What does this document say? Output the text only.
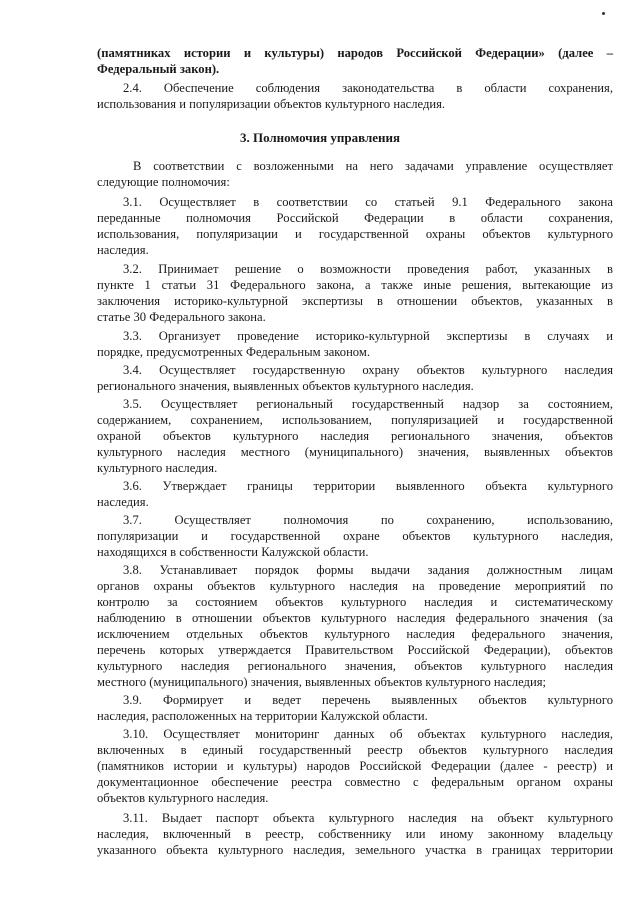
3. Полномочия управления
(памятниках истории и культуры) народов Российской Федерации» (далее –
Федеральный закон).
2.4. Обеспечение соблюдения законодательства в области сохранения,
использования и популяризации объектов культурного наследия.
В соответствии с возложенными на него задачами управление осуществляет
следующие полномочия:
3.1. Осуществляет в соответствии со статьей 9.1 Федерального закона
переданные полномочия Российской Федерации в области сохранения,
использования, популяризации и государственной охраны объектов культурного
наследия.
3.2. Принимает решение о возможности проведения работ, указанных в
пункте 1 статьи 31 Федерального закона, а также иные решения, вытекающие из
заключения историко-культурной экспертизы в отношении объектов, указанных в
статье 30 Федерального закона.
3.3. Организует проведение историко-культурной экспертизы в случаях и
порядке, предусмотренных Федеральным законом.
3.4. Осуществляет государственную охрану объектов культурного наследия
регионального значения, выявленных объектов культурного наследия.
3.5. Осуществляет региональный государственный надзор за состоянием,
содержанием, сохранением, использованием, популяризацией и государственной
охраной объектов культурного наследия регионального значения, объектов
культурного наследия местного (муниципального) значения, выявленных объектов
культурного наследия.
3.6. Утверждает границы территории выявленного объекта культурного
наследия.
3.7. Осуществляет полномочия по сохранению, использованию,
популяризации и государственной охране объектов культурного наследия,
находящихся в собственности Калужской области.
3.8. Устанавливает порядок формы выдачи задания должностным лицам
органов охраны объектов культурного наследия на проведение мероприятий по
контролю за состоянием объектов культурного наследия и систематическому
наблюдению в отношении объектов культурного наследия федерального значения (за
исключением отдельных объектов культурного наследия федерального значения,
перечень которых утверждается Правительством Российской Федерации), объектов
культурного наследия регионального значения, объектов культурного наследия
местного (муниципального) значения, выявленных объектов культурного наследия;
3.9. Формирует и ведет перечень выявленных объектов культурного
наследия, расположенных на территории Калужской области.
3.10. Осуществляет мониторинг данных об объектах культурного наследия,
включенных в единый государственный реестр объектов культурного наследия
(памятников истории и культуры) народов Российской Федерации (далее - реестр) и
документационное обеспечение реестра совместно с федеральным органом охраны
объектов культурного наследия.
3.11. Выдает паспорт объекта культурного наследия на объект культурного
наследия, включенный в реестр, собственнику или иному законному владельцу
указанного объекта культурного наследия, земельного участка в границах территории
